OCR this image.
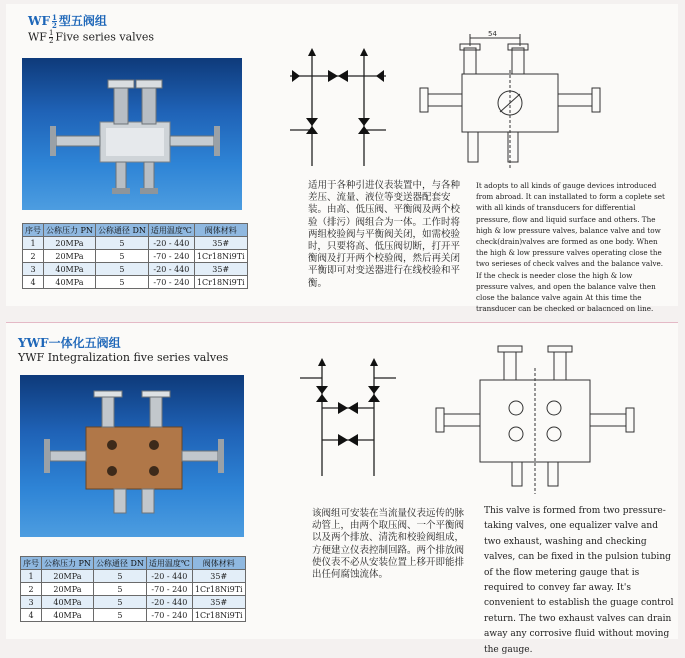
WF $\frac{1}{2}$ 型五阀组
WF $\frac{1}{2}$ Five series valves
序号	公称压力 PN	公称通径 DN	适用温度℃	阀体材料
1	20MPa	5	-20 - 440	35#
2	20MPa	5	-70 - 240	1Cr18Ni9Ti
3	40MPa	5	-20 - 440	35#
4	40MPa	5	-70 - 240	1Cr18Ni9Ti
54
适用于各种引进仪表装置中，与各种差压、流量、液位等变送器配套安装。由高、低压阀、平衡阀及两个校验（排污）阀组合为一体。工作时将两组校验阀与平衡阀关闭，如需校验时，只要将高、低压阀切断，打开平衡阀及打开两个校验阀，然后再关闭平衡即可对变送器进行在线校验和平衡。
It adopts to all kinds of gauge devices introduced from abroad. It can installated to form a coplete set with all kinds of transducers for differential pressure, flow and liquid surface and others. The high & low pressure valves, balance valve and tow check(drain)valves are formed as one body. When the high & low pressure valves operating close the two serieses of check valves and the balance valve. If the check is needer close the high & low pressure valves, and open the balance valve then close the balance valve again At this time the transducer can be checked or balacnced on line.
YWF一体化五阀组
YWF Integralization five series valves
序号	公称压力 PN	公称通径 DN	适用温度℃	阀体材料
1	20MPa	5	-20 - 440	35#
2	20MPa	5	-70 - 240	1Cr18Ni9Ti
3	40MPa	5	-20 - 440	35#
4	40MPa	5	-70 - 240	1Cr18Ni9Ti
该阀组可安装在当流量仪表远传的脉动管上，由两个取压阀、一个平衡阀以及两个排放、清洗和校验阀组成，方便建立仪表控制回路。两个排放阀使仪表不必从安装位置上移开即能排出任何腐蚀流体。
This valve is formed from two pressure-taking valves, one equalizer valve and two exhaust, washing and checking valves, can be fixed in the pulsion tubing of the flow metering gauge that is required to convey far away. It's convenient to establish the guage control return. The two exhaust valves can drain away any corrosive fluid without moving the gauge.
